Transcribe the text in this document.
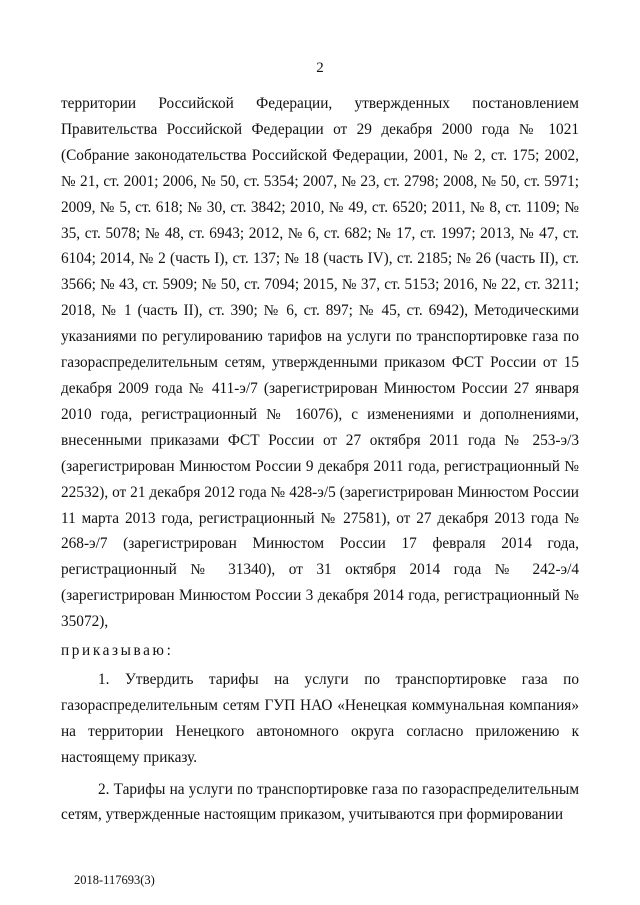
2

территории Российской Федерации, утвержденных постановлением Правительства Российской Федерации от 29 декабря 2000 года № 1021 (Собрание законодательства Российской Федерации, 2001, № 2, ст. 175; 2002, № 21, ст. 2001; 2006, № 50, ст. 5354; 2007, № 23, ст. 2798; 2008, № 50, ст. 5971; 2009, № 5, ст. 618; № 30, ст. 3842; 2010, № 49, ст. 6520; 2011, № 8, ст. 1109; № 35, ст. 5078; № 48, ст. 6943; 2012, № 6, ст. 682; № 17, ст. 1997; 2013, № 47, ст. 6104; 2014, № 2 (часть I), ст. 137; № 18 (часть IV), ст. 2185; № 26 (часть II), ст. 3566; № 43, ст. 5909; № 50, ст. 7094; 2015, № 37, ст. 5153; 2016, № 22, ст. 3211; 2018, № 1 (часть II), ст. 390; № 6, ст. 897; № 45, ст. 6942), Методическими указаниями по регулированию тарифов на услуги по транспортировке газа по газораспределительным сетям, утвержденными приказом ФСТ России от 15 декабря 2009 года № 411-э/7 (зарегистрирован Минюстом России 27 января 2010 года, регистрационный № 16076), с изменениями и дополнениями, внесенными приказами ФСТ России от 27 октября 2011 года № 253-э/3 (зарегистрирован Минюстом России 9 декабря 2011 года, регистрационный № 22532), от 21 декабря 2012 года № 428-э/5 (зарегистрирован Минюстом России 11 марта 2013 года, регистрационный № 27581), от 27 декабря 2013 года № 268-э/7 (зарегистрирован Минюстом России 17 февраля 2014 года, регистрационный № 31340), от 31 октября 2014 года № 242-э/4 (зарегистрирован Минюстом России 3 декабря 2014 года, регистрационный № 35072),

приказываю:

1. Утвердить тарифы на услуги по транспортировке газа по газораспределительным сетям ГУП НАО «Ненецкая коммунальная компания» на территории Ненецкого автономного округа согласно приложению к настоящему приказу.

2. Тарифы на услуги по транспортировке газа по газораспределительным сетям, утвержденные настоящим приказом, учитываются при формировании

2018-117693(3)
